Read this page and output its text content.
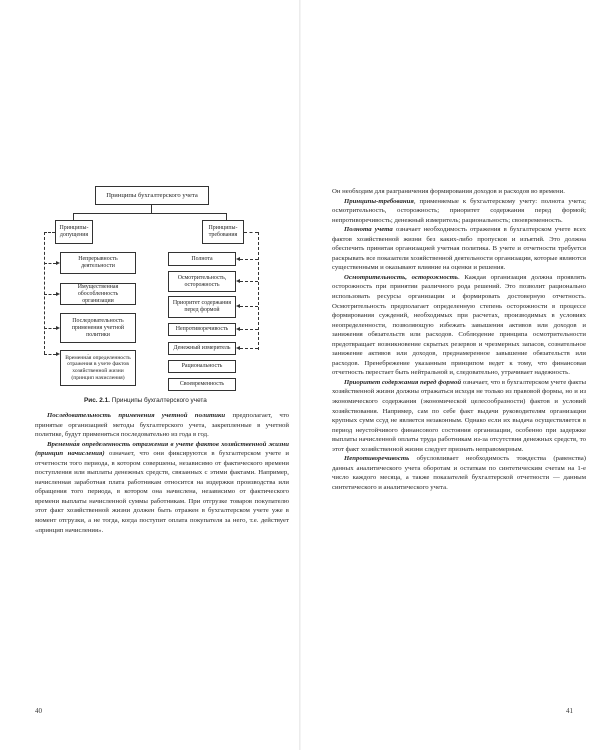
Принципы бухгалтерского учета
Принципы-допущения
Принципы-требования
Непрерывность деятельности
Имущественная обособленность организации
Последовательность применения учетной политики
Временна́я определенность отражения в учете фактов хозяйственной жизни (принцип начисления)
Полнота
Осмотрительность, осторожность
Приоритет содержания перед формой
Непротиворечивость
Денежный измеритель
Рациональность
Своевременность
Рис. 2.1. Принципы бухгалтерского учета

Последовательность применения учетной политики предполагает, что принятые организацией методы бухгалтерского учета, закрепленные в учетной политике, будут применяться последовательно из года в год.

Временна́я определенность отражения в учете фактов хозяйственной жизни (принцип начисления) означает, что они фиксируются в бухгалтерском учете и отчетности того периода, в котором совершены, независимо от фактического времени поступления или выплаты денежных средств, связанных с этими фактами. Например, начисленная заработная плата работникам относится на издержки производства или обращения того периода, в котором она начислена, независимо от фактического времени выплаты начисленной суммы работникам. При отгрузке товаров покупателю этот факт хозяйственной жизни должен быть отражен в бухгалтерском учете уже в момент отгрузки, а не тогда, когда поступит оплата покупателя за него, т.е. действует «принцип начисления».

40

Он необходим для разграничения формирования доходов и расходов во времени.

Принципы-требования, применяемые к бухгалтерскому учету: полнота учета; осмотрительность, осторожность; приоритет содержания перед формой; непротиворечивость; денежный измеритель; рациональность; своевременность.

Полнота учета означает необходимость отражения в бухгалтерском учете всех фактов хозяйственной жизни без каких-либо пропусков и изъятий. Это должна обеспечить принятая организацией учетная политика. В учете и отчетности требуется раскрывать все показатели хозяйственной деятельности организации, которые являются существенными и оказывают влияние на оценки и решения.

Осмотрительность, осторожность. Каждая организация должна проявлять осторожность при принятии различного рода решений. Это позволит рационально использовать ресурсы организации и формировать достоверную отчетность. Осмотрительность предполагает определенную степень осторожности в процессе формирования суждений, необходимых при расчетах, производимых в условиях неопределенности, позволяющую избежать завышения активов или доходов и занижения обязательств или расходов. Соблюдение принципа осмотрительности предотвращает возникновение скрытых резервов и чрезмерных запасов, сознательное занижение активов или доходов, преднамеренное завышение обязательств или расходов. Пренебрежение указанным принципом ведет к тому, что финансовая отчетность перестает быть нейтральной и, следовательно, утрачивает надежность.

Приоритет содержания перед формой означает, что в бухгалтерском учете факты хозяйственной жизни должны отражаться исходя не только из правовой формы, но и из экономического содержания (экономической целесообразности) фактов и условий хозяйствования. Например, сам по себе факт выдачи руководителям организации крупных сумм ссуд не является незаконным. Однако если их выдача осуществляется в период неустойчивого финансового состояния организации, особенно при задержке выплаты начисленной оплаты труда работникам из-за отсутствия денежных средств, то этот факт хозяйственной жизни следует признать неправомерным.

Непротиворечивость обусловливает необходимость тождества (равенства) данных аналитического учета оборотам и остаткам по синтетическим счетам на 1-е число каждого месяца, а также показателей бухгалтерской отчетности — данным синтетического и аналитического учета.

41
